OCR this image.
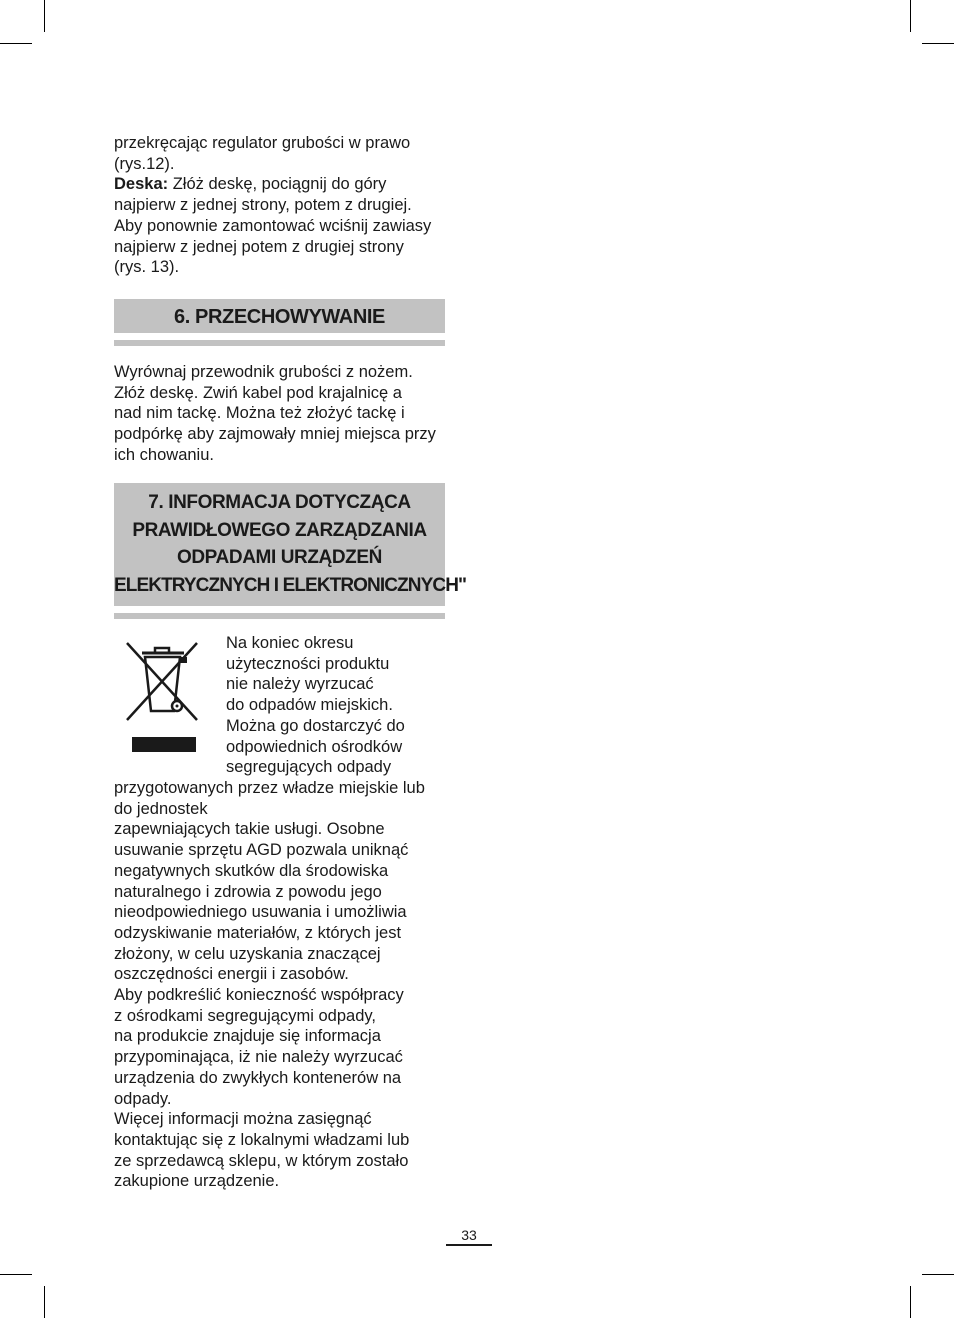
przekręcając regulator grubości w prawo
(rys.12).
Deska: Złóż deskę, pociągnij do góry
najpierw z jednej strony, potem z drugiej.
Aby ponownie zamontować wciśnij zawiasy
najpierw z jednej potem z drugiej strony
(rys. 13).

6. PRZECHOWYWANIE

Wyrównaj przewodnik grubości z nożem.
Złóż deskę. Zwiń kabel pod krajalnicę a
nad nim tackę. Można też złożyć tackę i
podpórkę aby zajmowały mniej miejsca przy
ich chowaniu.

7. INFORMACJA DOTYCZĄCA
PRAWIDŁOWEGO ZARZĄDZANIA
ODPADAMI URZĄDZEŃ
ELEKTRYCZNYCH I ELEKTRONICZNYCH"

Na koniec okresu
użyteczności produktu
nie należy wyrzucać
do odpadów miejskich.
Można go dostarczyć do
odpowiednich ośrodków
segregujących odpady

przygotowanych przez władze miejskie lub
do jednostek
zapewniających takie usługi. Osobne
usuwanie sprzętu AGD pozwala uniknąć
negatywnych skutków dla środowiska
naturalnego i zdrowia z powodu jego
nieodpowiedniego usuwania i umożliwia
odzyskiwanie materiałów, z których jest
złożony, w celu uzyskania znaczącej
oszczędności energii i zasobów.
Aby podkreślić konieczność współpracy
z ośrodkami segregującymi odpady,
na produkcie znajduje się informacja
przypominająca, iż nie należy wyrzucać
urządzenia do zwykłych kontenerów na
odpady.
Więcej informacji można zasięgnąć
kontaktując się z lokalnymi władzami lub
ze sprzedawcą sklepu, w którym zostało
zakupione urządzenie.

33
